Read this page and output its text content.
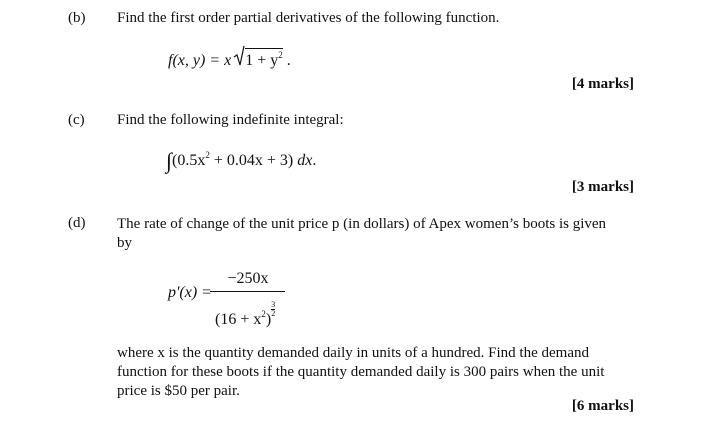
(b) Find the first order partial derivatives of the following function.
f(x, y) = x $1 + y^2$ .
[4 marks]
(c) Find the following indefinite integral:
$\int(0.5x^2 + 0.04x + 3)$ dx.
[3 marks]
(d) The rate of change of the unit price p (in dollars) of Apex women’s boots is given
by
p'(x) =
−250x
$(16 + x^2)$
$\frac{3}{2}$
where x is the quantity demanded daily in units of a hundred. Find the demand
function for these boots if the quantity demanded daily is 300 pairs when the unit
price is $50 per pair.
[6 marks]
